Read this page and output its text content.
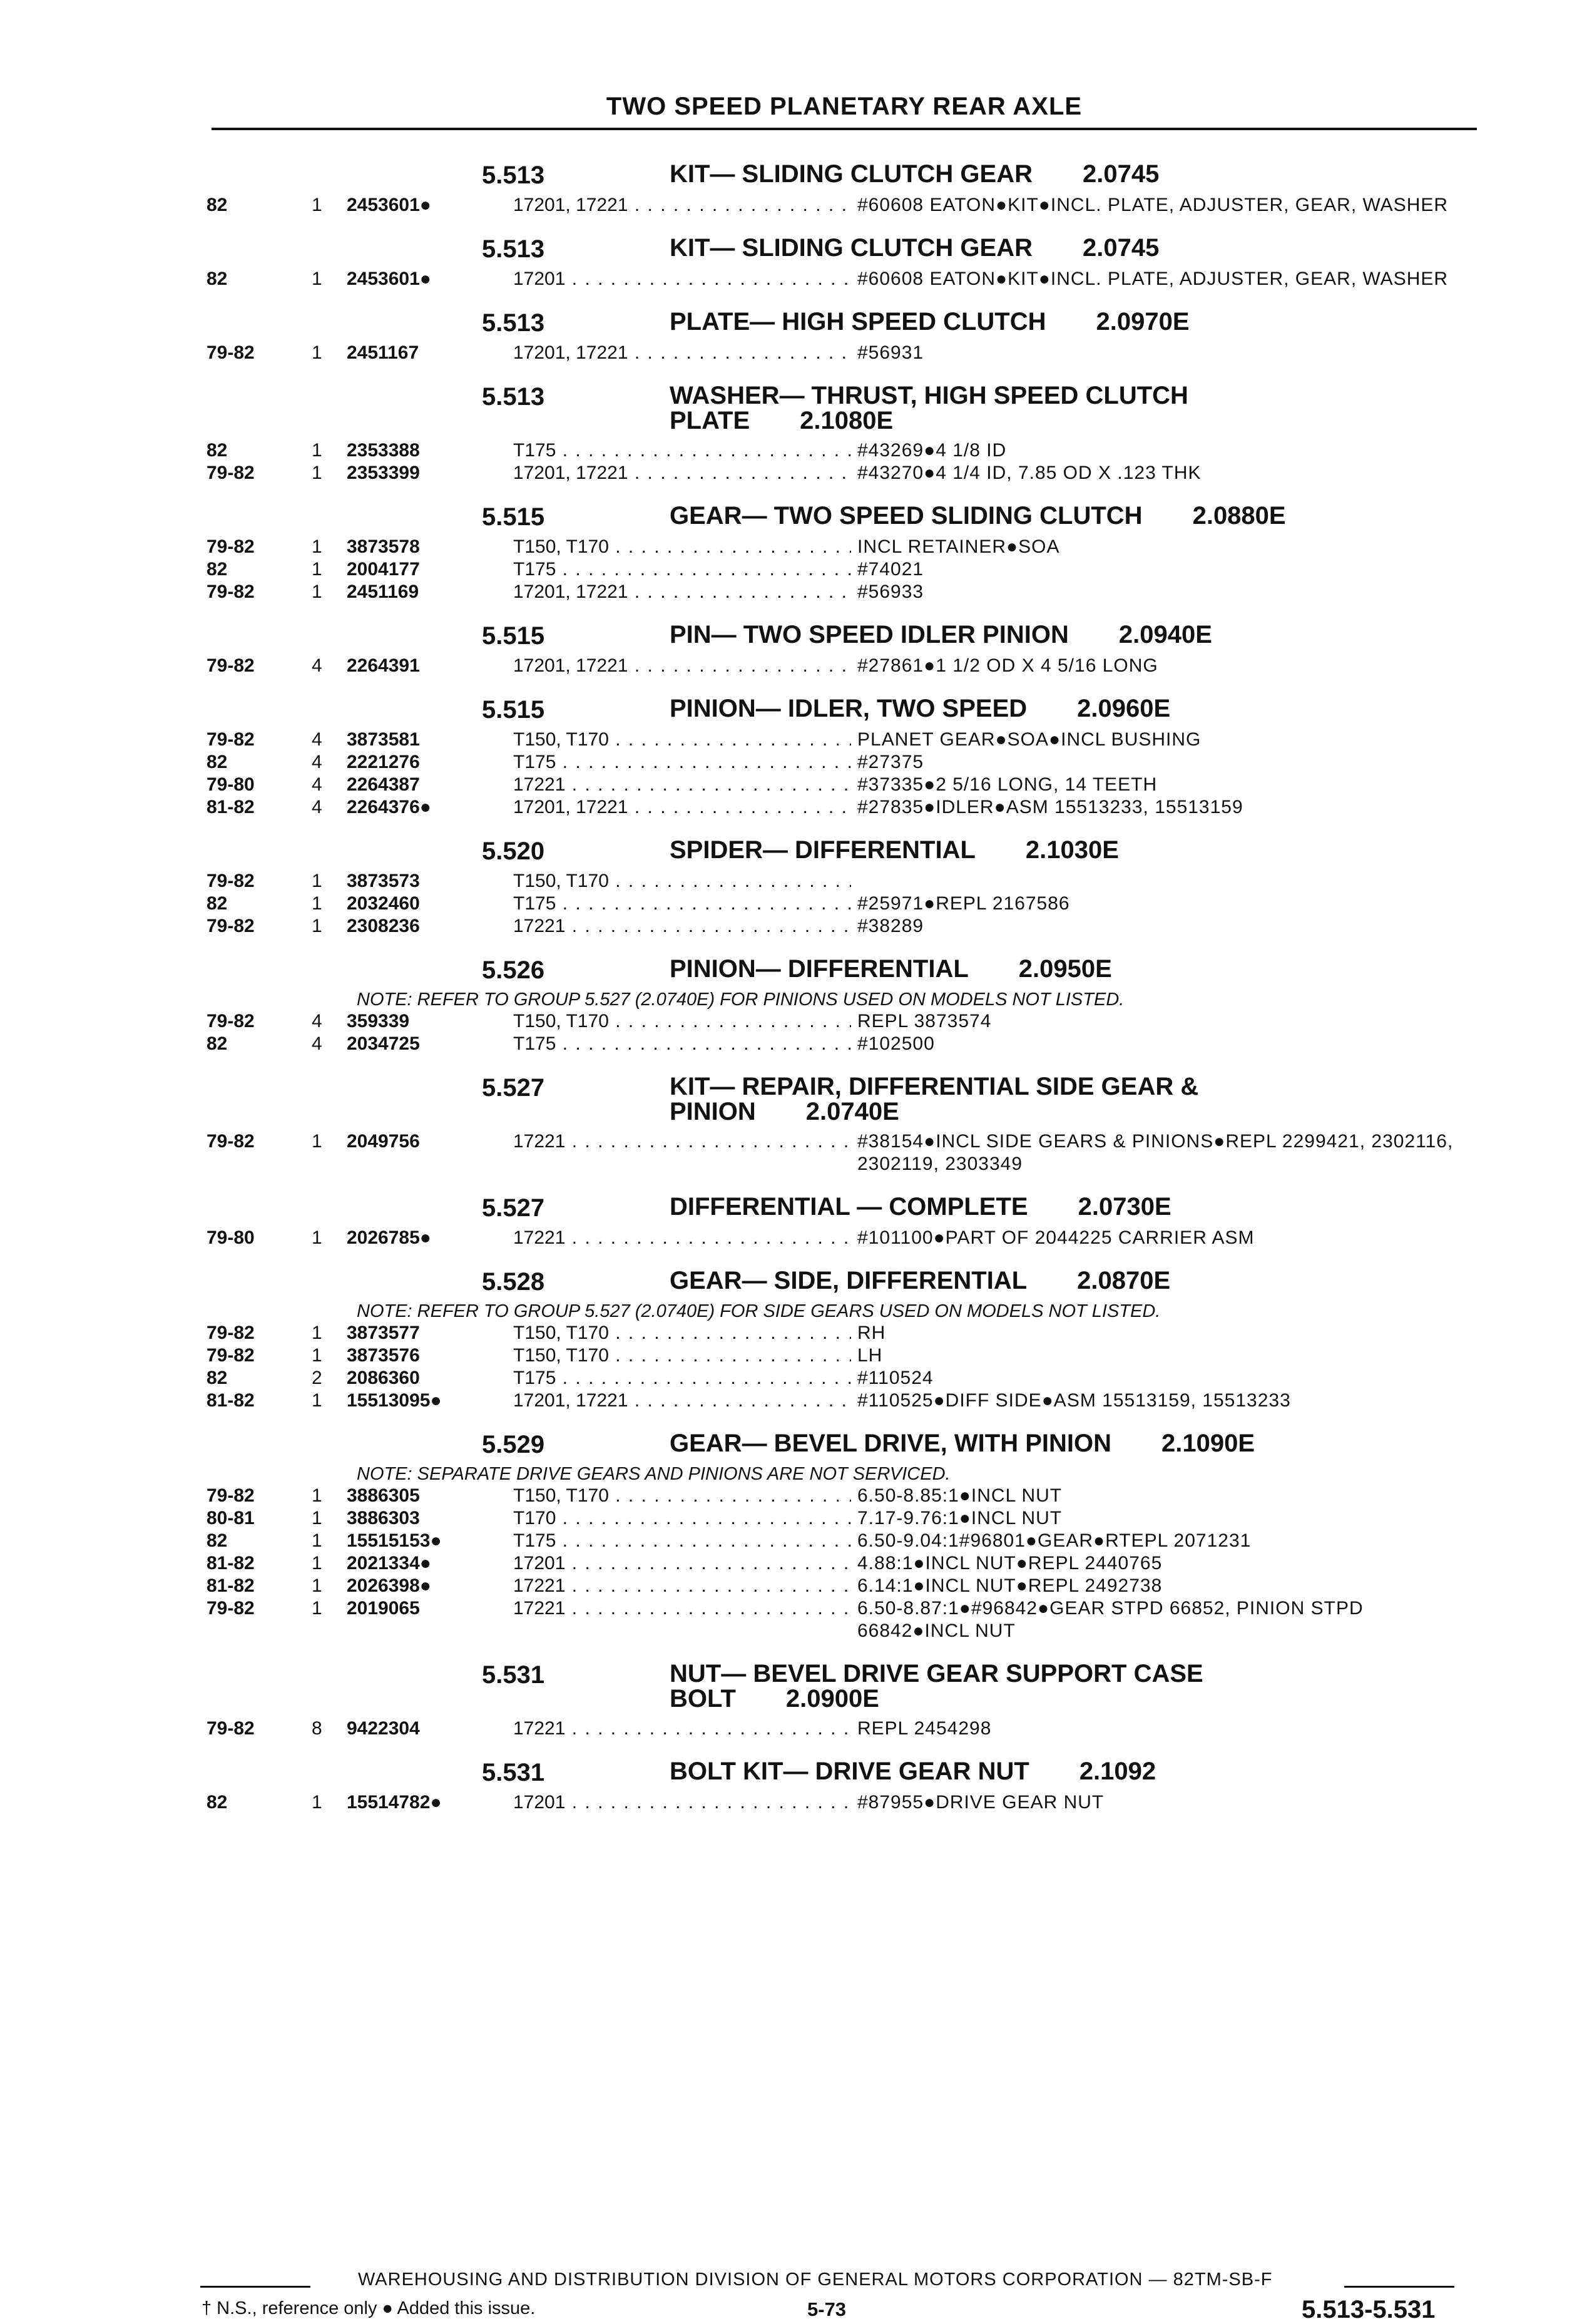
TWO SPEED PLANETARY REAR AXLE
5.513	KIT— SLIDING CLUTCH GEAR 2.0745
82	1 2453601●	17201, 17221 . . .	#60608 EATON●KIT●INCL. PLATE, ADJUSTER, GEAR, WASHER
5.513	KIT— SLIDING CLUTCH GEAR 2.0745
82	1 2453601●	17201 . . .	#60608 EATON●KIT●INCL. PLATE, ADJUSTER, GEAR, WASHER
5.513	PLATE— HIGH SPEED CLUTCH 2.0970E
79-82	1 2451167	17201, 17221 . . .	#56931
5.513	WASHER— THRUST, HIGH SPEED CLUTCH
PLATE 2.1080E
82	1 2353388	T175 . . .	#43269●4 1/8 ID
79-82	1 2353399	17201, 17221 . . .	#43270●4 1/4 ID, 7.85 OD X .123 THK
5.515	GEAR— TWO SPEED SLIDING CLUTCH 2.0880E
79-82	1 3873578	T150, T170 . . .	INCL RETAINER●SOA
82	1 2004177	T175 . . .	#74021
79-82	1 2451169	17201, 17221 . . .	#56933
5.515	PIN— TWO SPEED IDLER PINION 2.0940E
79-82	4 2264391	17201, 17221 . . .	#27861●1 1/2 OD X 4 5/16 LONG
5.515	PINION— IDLER, TWO SPEED 2.0960E
79-82	4 3873581	T150, T170 . . .	PLANET GEAR●SOA●INCL BUSHING
82	4 2221276	T175 . . .	#27375
79-80	4 2264387	17221 . . .	#37335●2 5/16 LONG, 14 TEETH
81-82	4 2264376●	17201, 17221 . . .	#27835●IDLER●ASM 15513233, 15513159
5.520	SPIDER— DIFFERENTIAL 2.1030E
79-82	1 3873573	T150, T170 . . .
82	1 2032460	T175 . . .	#25971●REPL 2167586
79-82	1 2308236	17221 . . .	#38289
5.526	PINION— DIFFERENTIAL 2.0950E
NOTE: REFER TO GROUP 5.527 (2.0740E) FOR PINIONS USED ON MODELS NOT LISTED.
79-82	4 359339	T150, T170 . . .	REPL 3873574
82	4 2034725	T175 . . .	#102500
5.527	KIT— REPAIR, DIFFERENTIAL SIDE GEAR &
PINION 2.0740E
79-82	1 2049756	17221 . . .	#38154●INCL SIDE GEARS & PINIONS●REPL 2299421, 2302116, 2302119, 2303349
5.527	DIFFERENTIAL — COMPLETE 2.0730E
79-80	1 2026785●	17221 . . .	#101100●PART OF 2044225 CARRIER ASM
5.528	GEAR— SIDE, DIFFERENTIAL 2.0870E
NOTE: REFER TO GROUP 5.527 (2.0740E) FOR SIDE GEARS USED ON MODELS NOT LISTED.
79-82	1 3873577	T150, T170 . . .	RH
79-82	1 3873576	T150, T170 . . .	LH
82	2 2086360	T175 . . .	#110524
81-82	1 15513095●	17201, 17221 . . .	#110525●DIFF SIDE●ASM 15513159, 15513233
5.529	GEAR— BEVEL DRIVE, WITH PINION 2.1090E
NOTE: SEPARATE DRIVE GEARS AND PINIONS ARE NOT SERVICED.
79-82	1 3886305	T150, T170 . . .	6.50-8.85:1●INCL NUT
80-81	1 3886303	T170 . . .	7.17-9.76:1●INCL NUT
82	1 15515153●	T175 . . .	6.50-9.04:1#96801●GEAR●RTEPL 2071231
81-82	1 2021334●	17201 . . .	4.88:1●INCL NUT●REPL 2440765
81-82	1 2026398●	17221 . . .	6.14:1●INCL NUT●REPL 2492738
79-82	1 2019065	17221 . . .	6.50-8.87:1●#96842●GEAR STPD 66852, PINION STPD 66842●INCL NUT
5.531	NUT— BEVEL DRIVE GEAR SUPPORT CASE
BOLT 2.0900E
79-82	8 9422304	17221 . . .	REPL 2454298
5.531	BOLT KIT— DRIVE GEAR NUT 2.1092
82	1 15514782●	17201 . . .	#87955●DRIVE GEAR NUT
WAREHOUSING AND DISTRIBUTION DIVISION OF GENERAL MOTORS CORPORATION — 82TM-SB-F
† N.S., reference only ● Added this issue.	5-73	5.513-5.531
